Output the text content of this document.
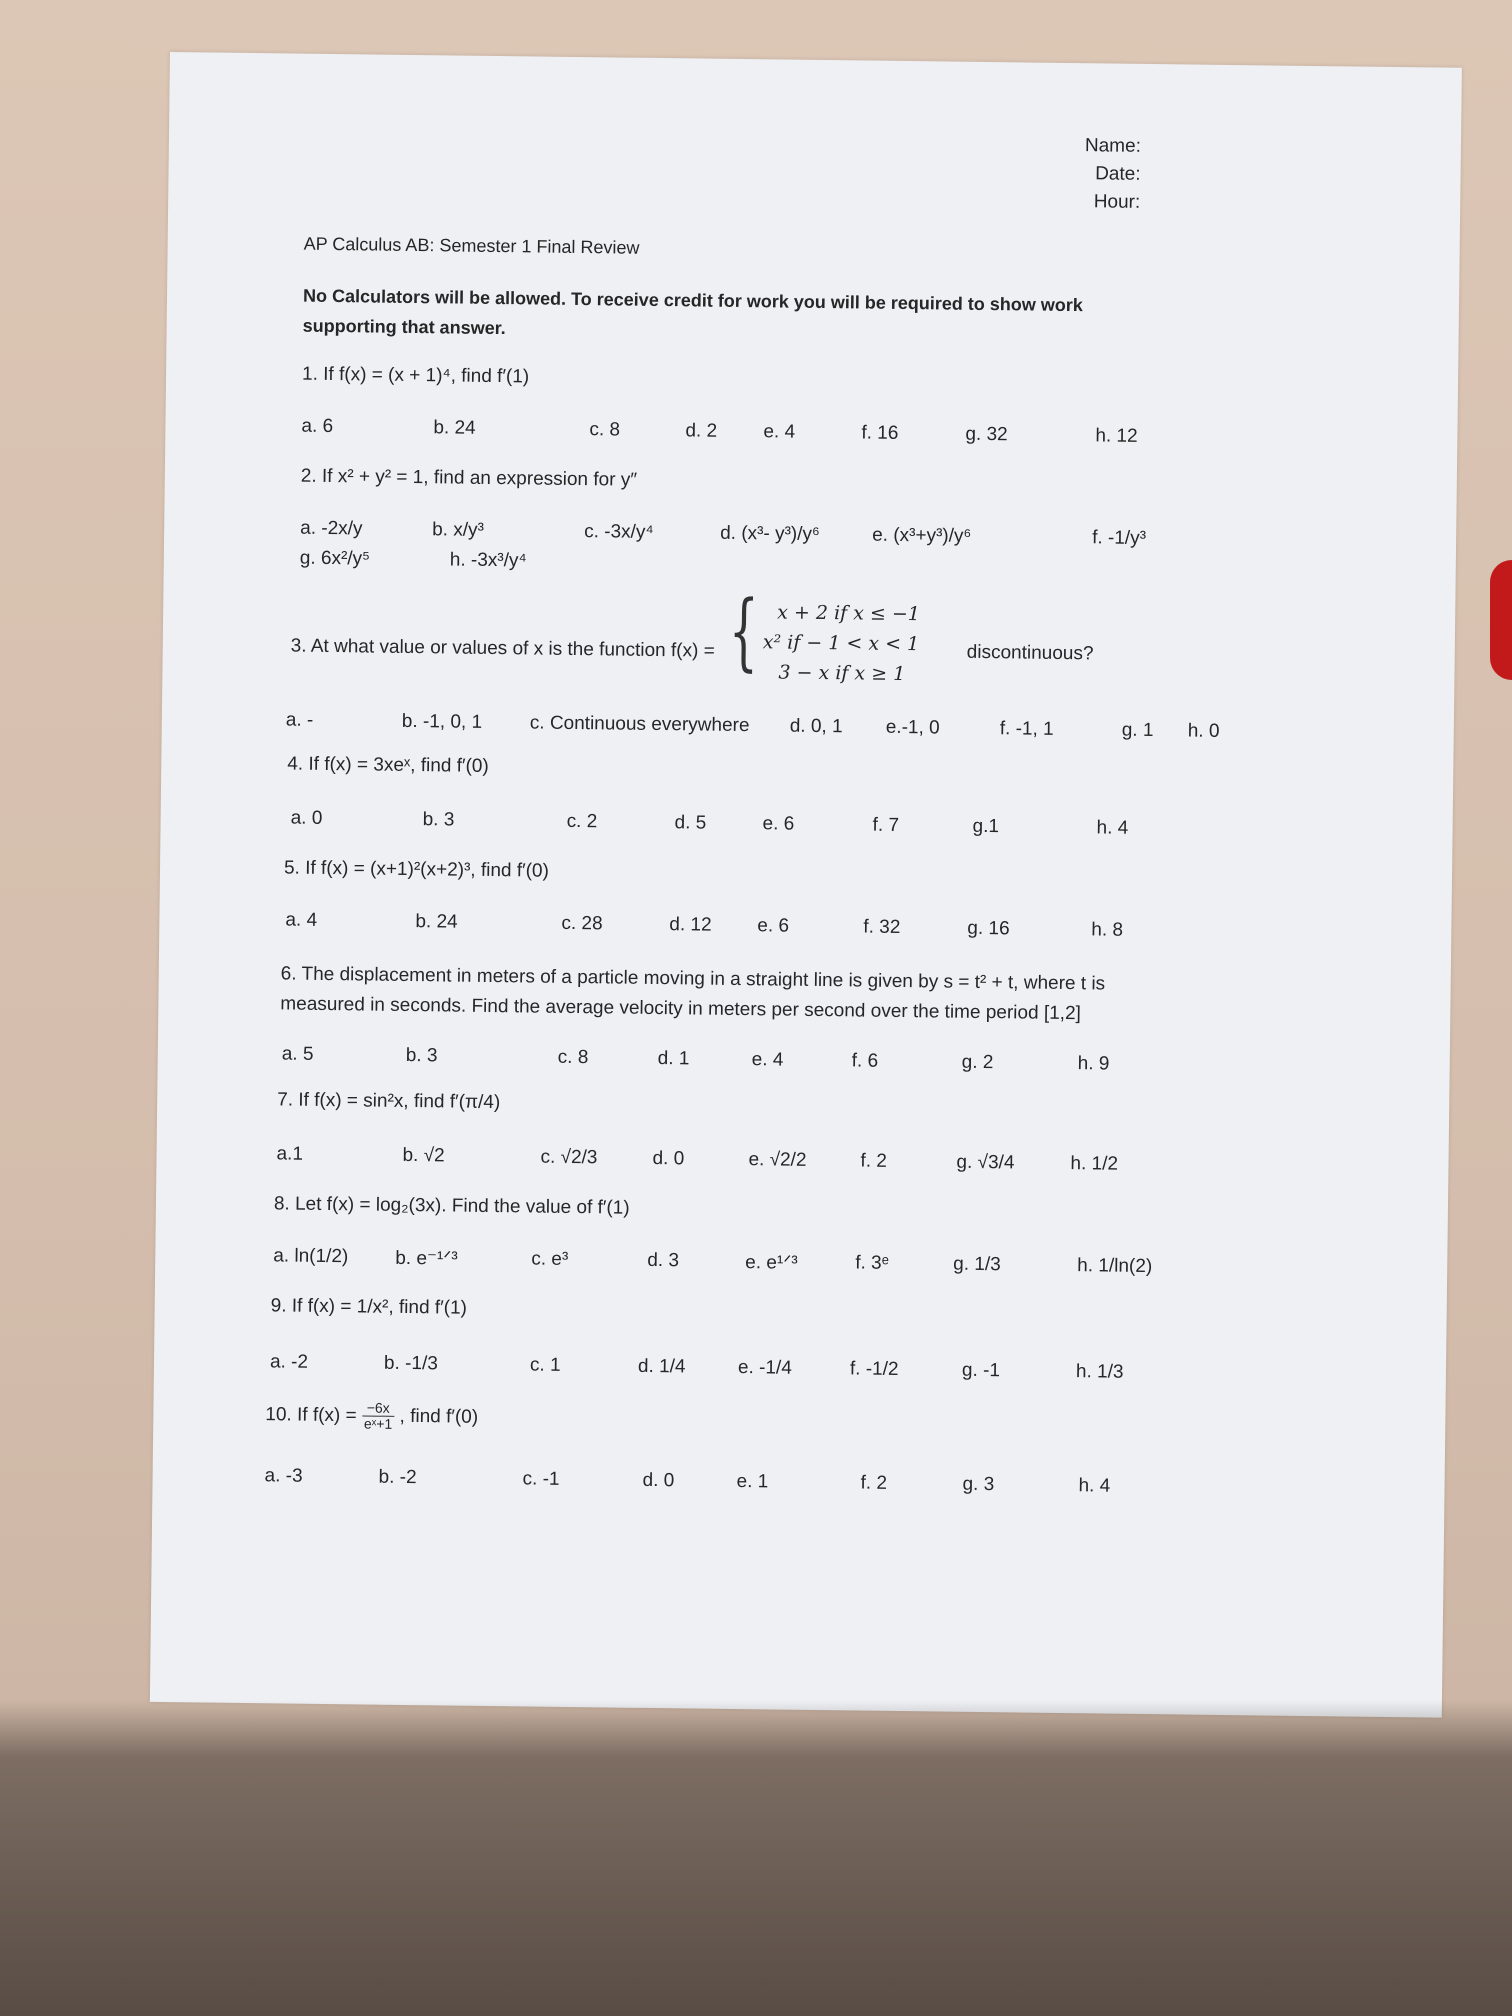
Name:
Date:
Hour:
AP Calculus AB: Semester 1 Final Review
No Calculators will be allowed. To receive credit for work you will be required to show work
supporting that answer.
1. If f(x) = (x + 1)⁴, find f′(1)
a. 6	b. 24	c. 8	d. 2 e. 4	f. 16	g. 32	h. 12
2. If x² + y² = 1, find an expression for y″
a. -2x/y	b. x/y³	c. -3x/y⁴	d. (x³- y³)/y⁶	e. (x³+y³)/y⁶	f. -1/y³
g. 6x²/y⁵	h. -3x³/y⁴
3. At what value or values of x is the function f(x) = { x + 2 if x ≤ −1
x² if − 1 < x < 1
3 − x if x ≥ 1
discontinuous?
a. -	b. -1, 0, 1 c. Continuous everywhere d. 0, 1 e.-1, 0	f. -1, 1	g. 1 h. 0
4. If f(x) = 3xeˣ, find f′(0)
a. 0	b. 3	c. 2	d. 5	e. 6	f. 7	g.1	h. 4
5. If f(x) = (x+1)²(x+2)³, find f′(0)
a. 4	b. 24	c. 28	d. 12 e. 6	f. 32	g. 16	h. 8
6. The displacement in meters of a particle moving in a straight line is given by s = t² + t, where t is
measured in seconds. Find the average velocity in meters per second over the time period [1,2]
a. 5	b. 3	c. 8	d. 1	e. 4	f. 6	g. 2	h. 9
7. If f(x) = sin²x, find f′(π/4)
a.1	b. √2	c. √2/3	d. 0	e. √2/2	f. 2	g. √3/4	h. 1/2
8. Let f(x) = log₂(3x). Find the value of f′(1)
a. ln(1/2) b. e⁻¹ᐟ³	c. e³	d. 3	e. e¹ᐟ³	f. 3ᵉ	g. 1/3	h. 1/ln(2)
9. If f(x) = 1/x², find f′(1)
a. -2	b. -1/3	c. 1	d. 1/4	e. -1/4	f. -1/2	g. -1	h. 1/3
10. If $f(x) = \frac{-6x}{\text{eˣ+1}}$ , find f′(0)
a. -3	b. -2	c. -1	d. 0	e. 1	f. 2	g. 3	h. 4
